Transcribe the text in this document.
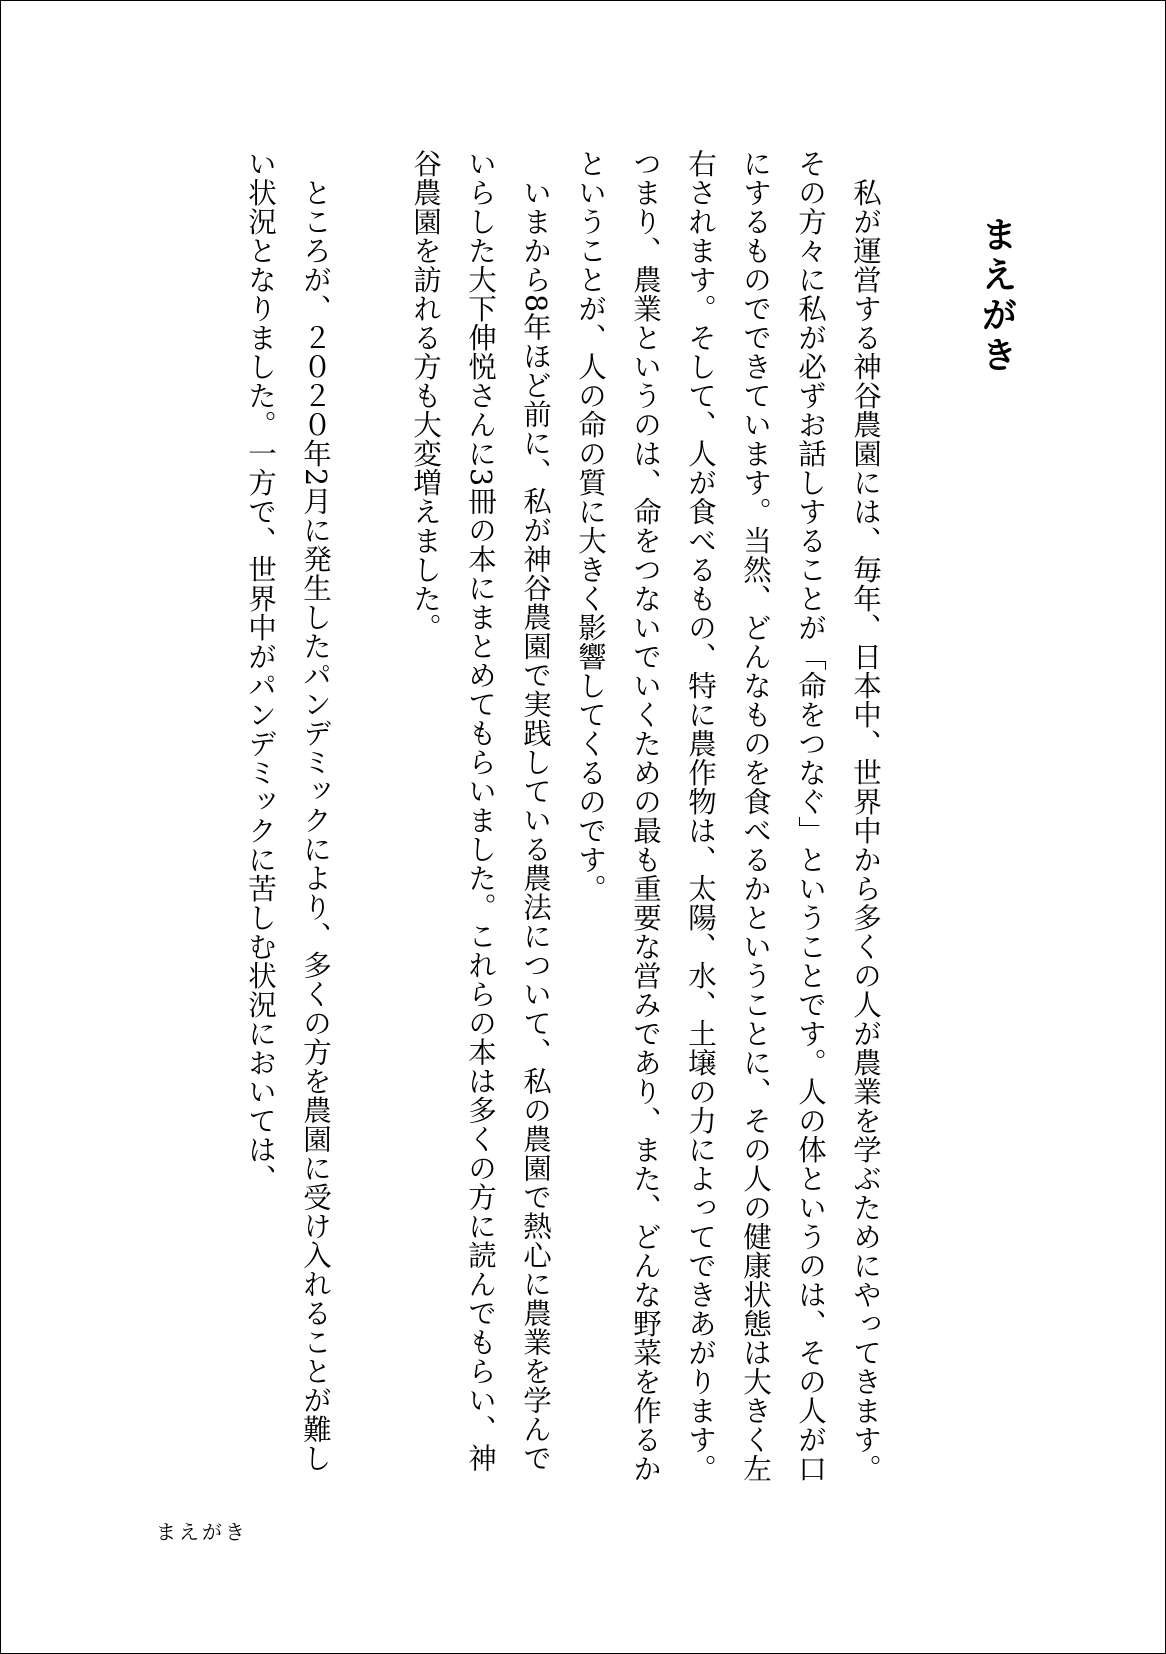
まえがき

私が運営する神谷農園には、毎年、日本中、世界中から多くの人が農業を学ぶためにやってきます。その方々に私が必ずお話しすることが「命をつなぐ」ということです。人の体というのは、その人が口にするものでできています。当然、どんなものを食べるかということに、その人の健康状態は大きく左右されます。そして、人が食べるもの、特に農作物は、太陽、水、土壌の力によってできあがります。つまり、農業というのは、命をつないでいくための最も重要な営みであり、また、どんな野菜を作るかということが、人の命の質に大きく影響してくるのです。

いまから8年ほど前に、私が神谷農園で実践している農法について、私の農園で熱心に農業を学んでいらした大下伸悦さんに3冊の本にまとめてもらいました。これらの本は多くの方に読んでもらい、神谷農園を訪れる方も大変増えました。

ところが、２０２０年2月に発生したパンデミックにより、多くの方を農園に受け入れることが難しい状況となりました。一方で、世界中がパンデミックに苦しむ状況においては、

まえがき
